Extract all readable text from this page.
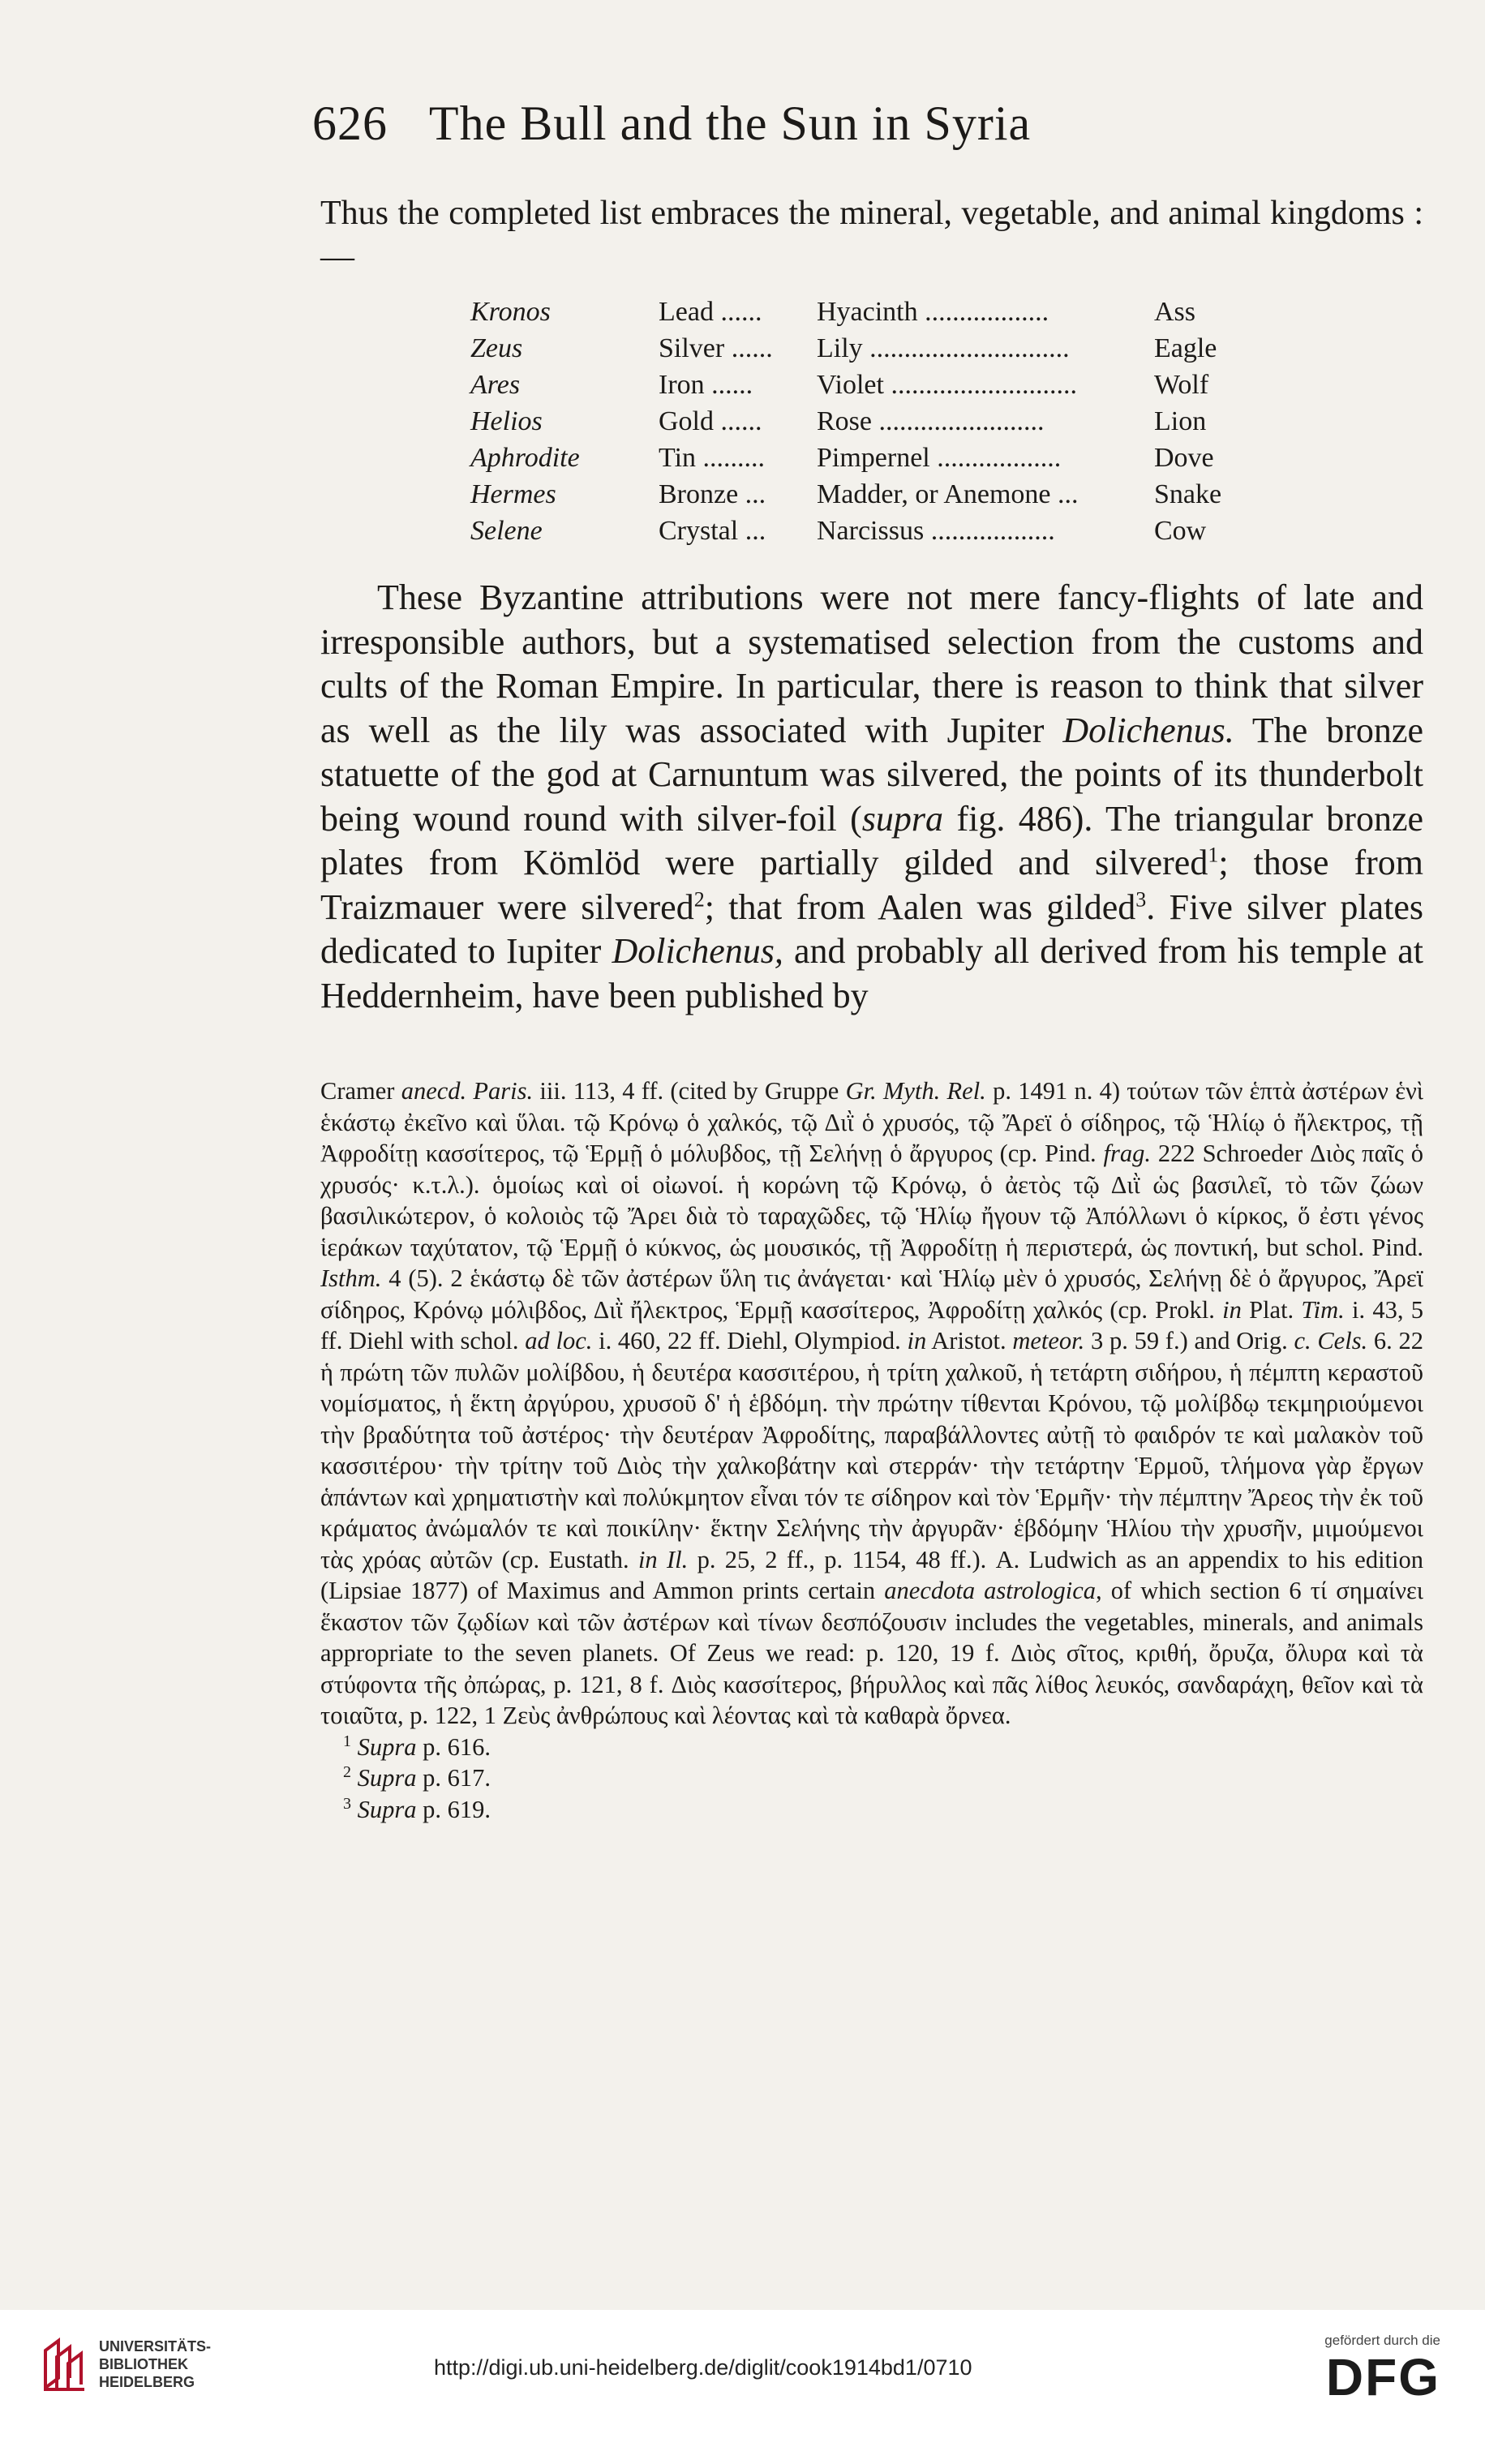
626 The Bull and the Sun in Syria

Thus the completed list embraces the mineral, vegetable, and animal kingdoms :—

Kronos	Lead ......	Hyacinth ..................	Ass
Zeus	Silver ......	Lily .............................	Eagle
Ares	Iron ......	Violet ...........................	Wolf
Helios	Gold ......	Rose ........................	Lion
Aphrodite	Tin .........	Pimpernel ..................	Dove
Hermes	Bronze ...	Madder, or Anemone ...	Snake
Selene	Crystal ...	Narcissus ..................	Cow

These Byzantine attributions were not mere fancy-flights of late and irresponsible authors, but a systematised selection from the customs and cults of the Roman Empire. In particular, there is reason to think that silver as well as the lily was associated with Jupiter Dolichenus. The bronze statuette of the god at Carnuntum was silvered, the points of its thunderbolt being wound round with silver-foil (supra fig. 486). The triangular bronze plates from Kömlöd were partially gilded and silvered$^1$; those from Traizmauer were silvered$^2$; that from Aalen was gilded$^3$. Five silver plates dedicated to Iupiter Dolichenus, and probably all derived from his temple at Heddernheim, have been published by

Cramer anecd. Paris. iii. 113, 4 ff. (cited by Gruppe Gr. Myth. Rel. p. 1491 n. 4) τούτων τῶν ἑπτὰ ἀστέρων ἑνὶ ἑκάστῳ ἐκεῖνο καὶ ὕλαι. τῷ Κρόνῳ ὁ χαλκός, τῷ Διῒ ὁ χρυσός, τῷ Ἄρεϊ ὁ σίδηρος, τῷ Ἡλίῳ ὁ ἤλεκτρος, τῇ Ἀφροδίτῃ κασσίτερος, τῷ Ἑρμῇ ὁ μόλυβδος, τῇ Σελήνῃ ὁ ἄργυρος (cp. Pind. frag. 222 Schroeder Διὸς παῖς ὁ χρυσός· κ.τ.λ.). ὁμοίως καὶ οἱ οἰωνοί. ἡ κορώνη τῷ Κρόνῳ, ὁ ἀετὸς τῷ Διῒ ὡς βασιλεῖ, τὸ τῶν ζώων βασιλικώτερον, ὁ κολοιὸς τῷ Ἄρει διὰ τὸ ταραχῶδες, τῷ Ἡλίῳ ἤγουν τῷ Ἀπόλλωνι ὁ κίρκος, ὅ ἐστι γένος ἱεράκων ταχύτατον, τῷ Ἑρμῇ ὁ κύκνος, ὡς μουσικός, τῇ Ἀφροδίτῃ ἡ περιστερά, ὡς ποντική, but schol. Pind. Isthm. 4 (5). 2 ἑκάστῳ δὲ τῶν ἀστέρων ὕλη τις ἀνάγεται· καὶ Ἡλίῳ μὲν ὁ χρυσός, Σελήνῃ δὲ ὁ ἄργυρος, Ἄρεϊ σίδηρος, Κρόνῳ μόλιβδος, Διῒ ἤλεκτρος, Ἑρμῇ κασσίτερος, Ἀφροδίτῃ χαλκός (cp. Prokl. in Plat. Tim. i. 43, 5 ff. Diehl with schol. ad loc. i. 460, 22 ff. Diehl, Olympiod. in Aristot. meteor. 3 p. 59 f.) and Orig. c. Cels. 6. 22 ἡ πρώτη τῶν πυλῶν μολίβδου, ἡ δευτέρα κασσιτέρου, ἡ τρίτη χαλκοῦ, ἡ τετάρτη σιδήρου, ἡ πέμπτη κεραστοῦ νομίσματος, ἡ ἕκτη ἀργύρου, χρυσοῦ δ' ἡ ἑβδόμη. τὴν πρώτην τίθενται Κρόνου, τῷ μολίβδῳ τεκμηριούμενοι τὴν βραδύτητα τοῦ ἀστέρος· τὴν δευτέραν Ἀφροδίτης, παραβάλλοντες αὐτῇ τὸ φαιδρόν τε καὶ μαλακὸν τοῦ κασσιτέρου· τὴν τρίτην τοῦ Διὸς τὴν χαλκοβάτην καὶ στερράν· τὴν τετάρτην Ἑρμοῦ, τλήμονα γὰρ ἔργων ἁπάντων καὶ χρηματιστὴν καὶ πολύκμητον εἶναι τόν τε σίδηρον καὶ τὸν Ἑρμῆν· τὴν πέμπτην Ἄρεος τὴν ἐκ τοῦ κράματος ἀνώμαλόν τε καὶ ποικίλην· ἕκτην Σελήνης τὴν ἀργυρᾶν· ἑβδόμην Ἡλίου τὴν χρυσῆν, μιμούμενοι τὰς χρόας αὐτῶν (cp. Eustath. in Il. p. 25, 2 ff., p. 1154, 48 ff.). A. Ludwich as an appendix to his edition (Lipsiae 1877) of Maximus and Ammon prints certain anecdota astrologica, of which section 6 τί σημαίνει ἕκαστον τῶν ζῳδίων καὶ τῶν ἀστέρων καὶ τίνων δεσπόζουσιν includes the vegetables, minerals, and animals appropriate to the seven planets. Of Zeus we read: p. 120, 19 f. Διὸς σῖτος, κριθή, ὄρυζα, ὄλυρα καὶ τὰ στύφοντα τῆς ὀπώρας, p. 121, 8 f. Διὸς κασσίτερος, βήρυλλος καὶ πᾶς λίθος λευκός, σανδαράχη, θεῖον καὶ τὰ τοιαῦτα, p. 122, 1 Ζεὺς ἀνθρώπους καὶ λέοντας καὶ τὰ καθαρὰ ὄρνεα.

$^1$ Supra p. 616.

$^2$ Supra p. 617.

$^3$ Supra p. 619.

UNIVERSITÄTS-
BIBLIOTHEK
HEIDELBERG
http://digi.ub.uni-heidelberg.de/diglit/cook1914bd1/0710
gefördert durch die
DFG
